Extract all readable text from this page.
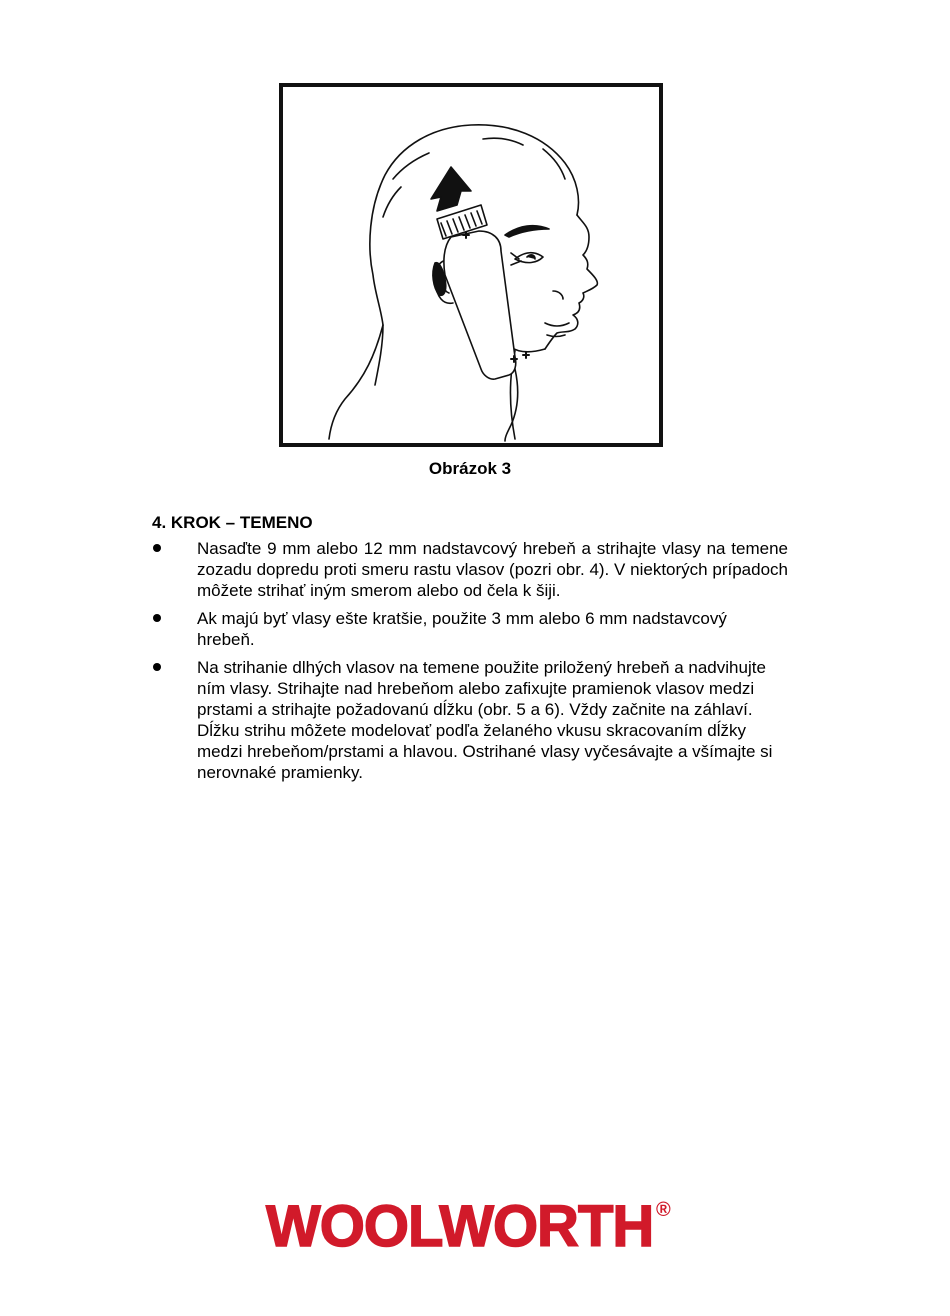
Obrázok 3
4. KROK – TEMENO
Nasaďte 9 mm alebo 12 mm nadstavcový hrebeň a strihajte vlasy na temene zozadu dopredu proti smeru rastu vlasov (pozri obr. 4). V niektorých prípadoch môžete strihať iným smerom alebo od čela k šiji.
Ak majú byť vlasy ešte kratšie, použite 3 mm alebo 6 mm nadstavcový hrebeň.
Na strihanie dlhých vlasov na temene použite priložený hrebeň a nadvihujte ním vlasy. Strihajte nad hrebeňom alebo zafixujte pramienok vlasov medzi prstami a strihajte požadovanú dĺžku (obr. 5 a 6). Vždy začnite na záhlaví. Dĺžku strihu môžete modelovať podľa želaného vkusu skracovaním dĺžky medzi hrebeňom/prstami a hlavou. Ostrihané vlasy vyčesávajte a všímajte si nerovnaké pramienky.
WOOLWORTH ®
